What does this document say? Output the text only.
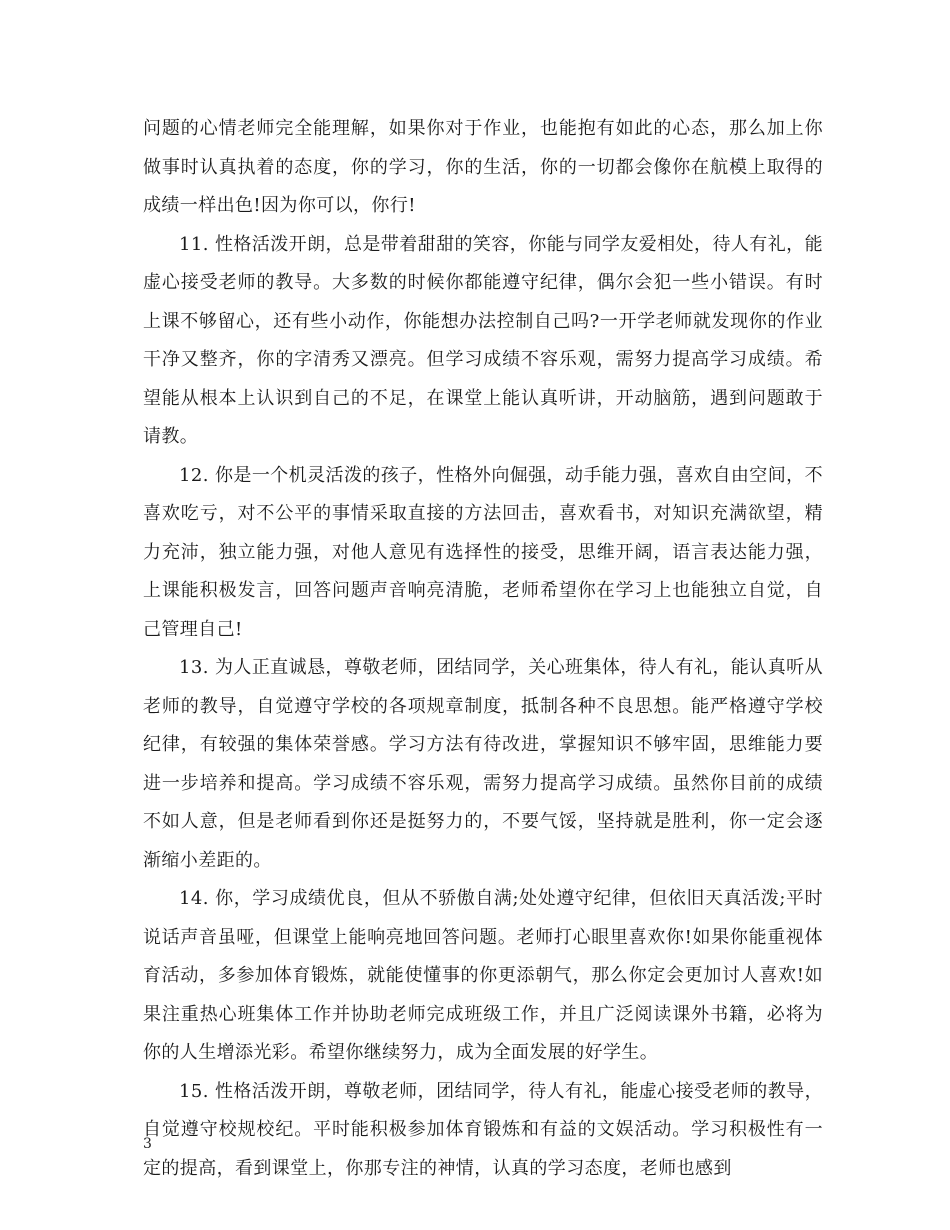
问题的心情老师完全能理解，如果你对于作业，也能抱有如此的心态，那么加上你做事时认真执着的态度，你的学习，你的生活，你的一切都会像你在航模上取得的成绩一样出色!因为你可以，你行!

11. 性格活泼开朗，总是带着甜甜的笑容，你能与同学友爱相处，待人有礼，能虚心接受老师的教导。大多数的时候你都能遵守纪律，偶尔会犯一些小错误。有时上课不够留心，还有些小动作，你能想办法控制自己吗?一开学老师就发现你的作业干净又整齐，你的字清秀又漂亮。但学习成绩不容乐观，需努力提高学习成绩。希望能从根本上认识到自己的不足，在课堂上能认真听讲，开动脑筋，遇到问题敢于请教。

12. 你是一个机灵活泼的孩子，性格外向倔强，动手能力强，喜欢自由空间，不喜欢吃亏，对不公平的事情采取直接的方法回击，喜欢看书，对知识充满欲望，精力充沛，独立能力强，对他人意见有选择性的接受，思维开阔，语言表达能力强，上课能积极发言，回答问题声音响亮清脆，老师希望你在学习上也能独立自觉，自己管理自己!

13. 为人正直诚恳，尊敬老师，团结同学，关心班集体，待人有礼，能认真听从老师的教导，自觉遵守学校的各项规章制度，抵制各种不良思想。能严格遵守学校纪律，有较强的集体荣誉感。学习方法有待改进，掌握知识不够牢固，思维能力要进一步培养和提高。学习成绩不容乐观，需努力提高学习成绩。虽然你目前的成绩不如人意，但是老师看到你还是挺努力的，不要气馁，坚持就是胜利，你一定会逐渐缩小差距的。

14. 你，学习成绩优良，但从不骄傲自满;处处遵守纪律，但依旧天真活泼;平时说话声音虽哑，但课堂上能响亮地回答问题。老师打心眼里喜欢你!如果你能重视体育活动，多参加体育锻炼，就能使懂事的你更添朝气，那么你定会更加讨人喜欢!如果注重热心班集体工作并协助老师完成班级工作，并且广泛阅读课外书籍，必将为你的人生增添光彩。希望你继续努力，成为全面发展的好学生。

15. 性格活泼开朗，尊敬老师，团结同学，待人有礼，能虚心接受老师的教导，自觉遵守校规校纪。平时能积极参加体育锻炼和有益的文娱活动。学习积极性有一定的提高，看到课堂上，你那专注的神情，认真的学习态度，老师也感到

3
